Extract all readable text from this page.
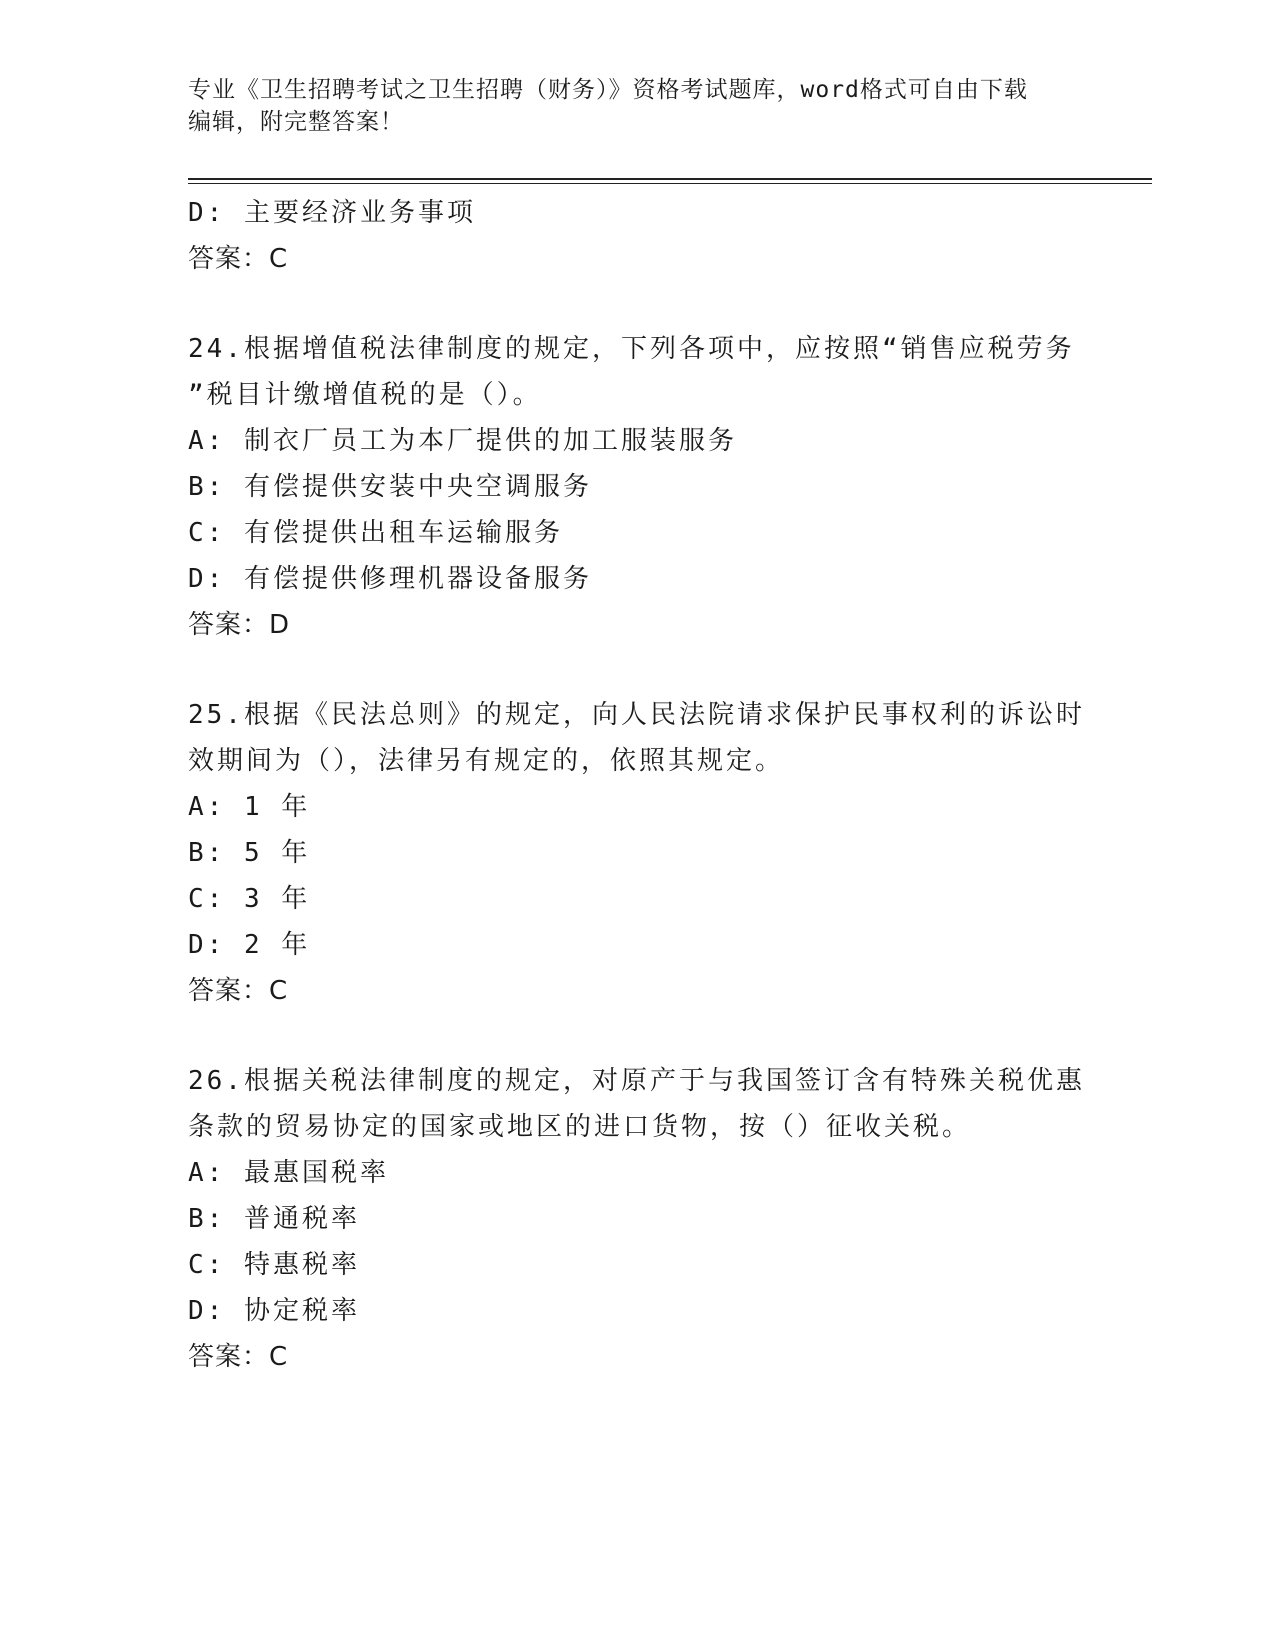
专业《卫生招聘考试之卫生招聘（财务）》资格考试题库，word格式可自由下载
编辑，附完整答案！
D: 主要经济业务事项
答案：C
24.根据增值税法律制度的规定，下列各项中，应按照“销售应税劳务
”税目计缴增值税的是（）。
A: 制衣厂员工为本厂提供的加工服装服务
B: 有偿提供安装中央空调服务
C: 有偿提供出租车运输服务
D: 有偿提供修理机器设备服务
答案：D
25.根据《民法总则》的规定，向人民法院请求保护民事权利的诉讼时
效期间为（），法律另有规定的，依照其规定。
A: 1 年
B: 5 年
C: 3 年
D: 2 年
答案：C
26.根据关税法律制度的规定，对原产于与我国签订含有特殊关税优惠
条款的贸易协定的国家或地区的进口货物，按（）征收关税。
A: 最惠国税率
B: 普通税率
C: 特惠税率
D: 协定税率
答案：C
